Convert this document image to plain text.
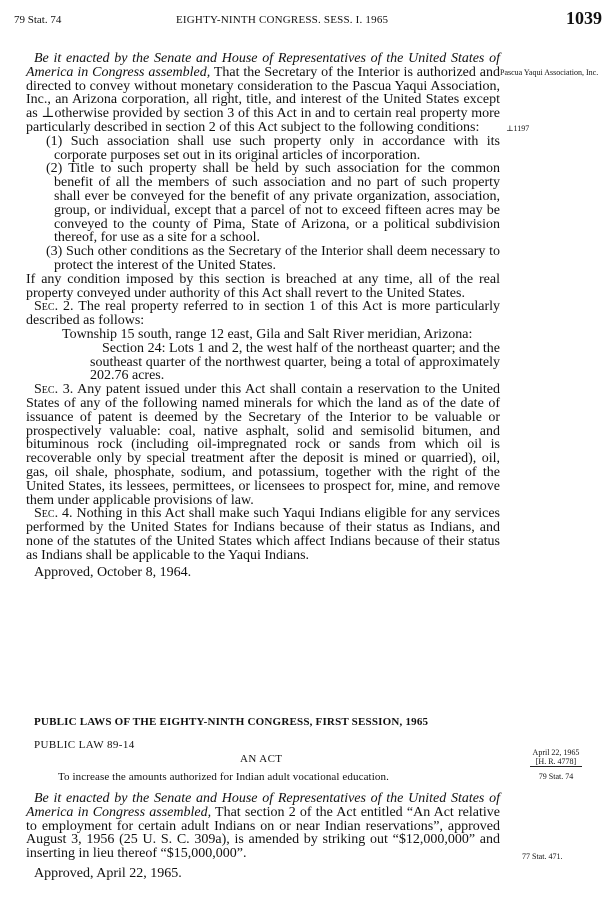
79 Stat. 74	EIGHTY-NINTH CONGRESS. SESS. I. 1965	1039

Be it enacted by the Senate and House of Representatives of the United States of America in Congress assembled, That the Secretary of the Interior is authorized and directed to convey without monetary consideration to the Pascua Yaqui Association, Inc., an Arizona corporation, all right, title, and interest of the United States except as ⊥otherwise provided by section 3 of this Act in and to certain real property more particularly described in section 2 of this Act subject to the following conditions:

(1) Such association shall use such property only in accordance with its corporate purposes set out in its original articles of incorporation.

(2) Title to such property shall be held by such association for the common benefit of all the members of such association and no part of such property shall ever be conveyed for the benefit of any private organization, association, group, or individual, except that a parcel of not to exceed fifteen acres may be conveyed to the county of Pima, State of Arizona, or a political subdivision thereof, for use as a site for a school.

(3) Such other conditions as the Secretary of the Interior shall deem necessary to protect the interest of the United States.

If any condition imposed by this section is breached at any time, all of the real property conveyed under authority of this Act shall revert to the United States.

Sec. 2. The real property referred to in section 1 of this Act is more particularly described as follows:

Township 15 south, range 12 east, Gila and Salt River meridian, Arizona:

Section 24: Lots 1 and 2, the west half of the northeast quarter; and the southeast quarter of the northwest quarter, being a total of approximately 202.76 acres.

Sec. 3. Any patent issued under this Act shall contain a reservation to the United States of any of the following named minerals for which the land as of the date of issuance of patent is deemed by the Secretary of the Interior to be valuable or prospectively valuable: coal, native asphalt, solid and semisolid bitumen, and bituminous rock (including oil-impregnated rock or sands from which oil is recoverable only by special treatment after the deposit is mined or quarried), oil, gas, oil shale, phosphate, sodium, and potassium, together with the right of the United States, its lessees, permittees, or licensees to prospect for, mine, and remove them under applicable provisions of law.

Sec. 4. Nothing in this Act shall make such Yaqui Indians eligible for any services performed by the United States for Indians because of their status as Indians, and none of the statutes of the United States which affect Indians because of their status as Indians shall be applicable to the Yaqui Indians.

Approved, October 8, 1964.

Pascua Yaqui Association, Inc.
⊥1197
PUBLIC LAWS OF THE EIGHTY-NINTH CONGRESS, FIRST SESSION, 1965
PUBLIC LAW 89-14
AN ACT
To increase the amounts authorized for Indian adult vocational education.
April 22, 1965
[H. R. 4778]
79 Stat. 74
77 Stat. 471.

Be it enacted by the Senate and House of Representatives of the United States of America in Congress assembled, That section 2 of the Act entitled “An Act relative to employment for certain adult Indians on or near Indian reservations”, approved August 3, 1956 (25 U. S. C. 309a), is amended by striking out “$12,000,000” and inserting in lieu thereof “$15,000,000”.

Approved, April 22, 1965.
